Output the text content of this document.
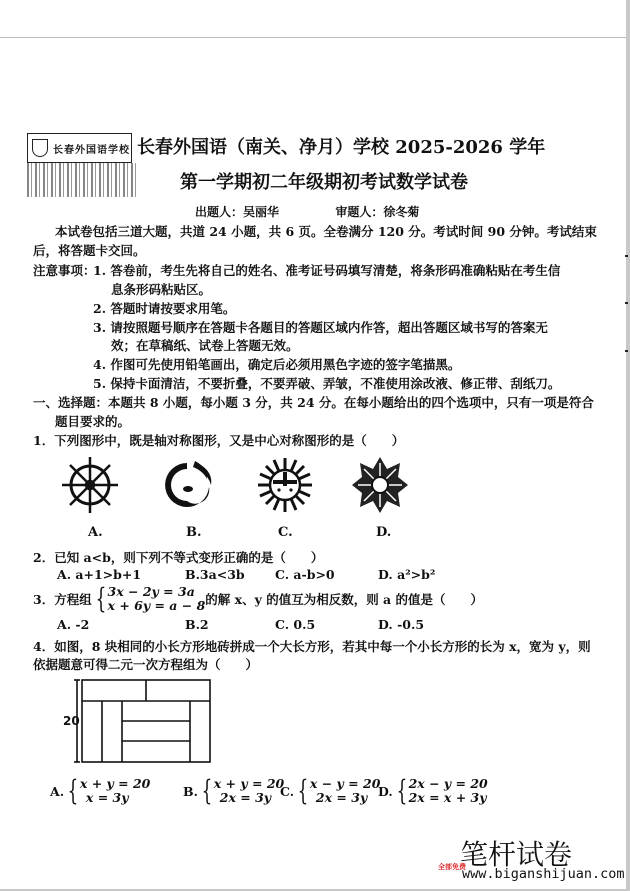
长春外国语学校 长春外国语（南关、净月）学校 2025-2026 学年
第一学期初二年级期初考试数学试卷
出题人：吴丽华	审题人：徐冬菊
本试卷包括三道大题，共道 24 小题，共 6 页。全卷满分 120 分。考试时间 90 分钟。考试结束
后，将答题卡交回。
注意事项：
1. 答卷前，考生先将自己的姓名、准考证号码填写清楚，将条形码准确粘贴在考生信
息条形码粘贴区。
2. 答题时请按要求用笔。
3. 请按照题号顺序在答题卡各题目的答题区域内作答，超出答题区域书写的答案无
效；在草稿纸、试卷上答题无效。
4. 作图可先使用铅笔画出，确定后必须用黑色字迹的签字笔描黑。
5. 保持卡面清洁，不要折叠，不要弄破、弄皱，不准使用涂改液、修正带、刮纸刀。
一、选择题：本题共 8 小题，每小题 3 分，共 24 分。在每小题给出的四个选项中，只有一项是符合
题目要求的。
1．下列图形中，既是轴对称图形，又是中心对称图形的是（　　）
A.	B.	C.	D.
2．已知 a<b，则下列不等式变形正确的是（　　）
A. a+1>b+1	B.3a<3b C. a-b>0	D. a²>b²
3．方程组 { 3x − 2y = 3a
x + 6y = a − 8 的解 x、y 的值互为相反数，则 a 的值是（　　）
A. -2	B.2	C. 0.5	D. -0.5
4．如图，8 块相同的小长方形地砖拼成一个大长方形，若其中每一个小长方形的长为 x，宽为 y，则
依据题意可得二元一次方程组为（　　）
20
A. { x + y = 20
x = 3y	B. { x + y = 20
2x = 3y C. { x − y = 20
2x = 3y D. { 2x − y = 20
2x = x + 3y
笔杆试卷
全部免费
www.biganshijuan.com
